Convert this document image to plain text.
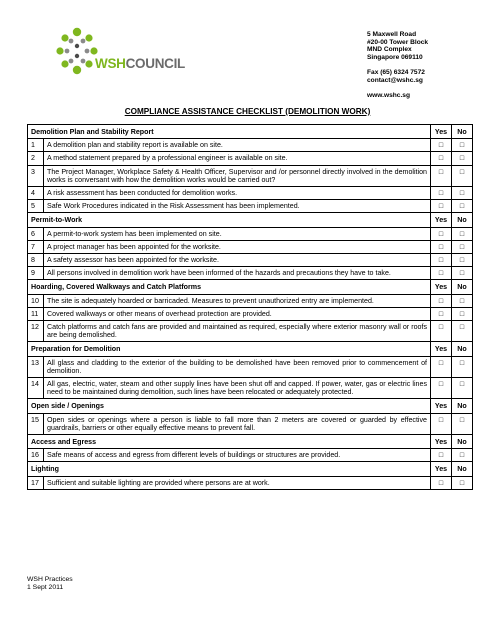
WSHCOUNCIL
5 Maxwell Road
#20-00 Tower Block
MND Complex
Singapore 069110
Fax (65) 6324 7572
contact@wshc.sg
www.wshc.sg
COMPLIANCE ASSISTANCE CHECKLIST (DEMOLITION WORK)
Demolition Plan and Stability Report		Yes	No
1	A demolition plan and stability report is available on site.	□	□
2	A method statement prepared by a professional engineer is available on site.	□	□
3	The Project Manager, Workplace Safety & Health Officer, Supervisor and /or personnel directly involved in the demolition works is conversant with how the demolition works would be carried out?	□	□
4	A risk assessment has been conducted for demolition works.	□	□
5	Safe Work Procedures indicated in the Risk Assessment has been implemented.	□	□
Permit-to-Work		Yes	No
6	A permit-to-work system has been implemented on site.	□	□
7	A project manager has been appointed for the worksite.	□	□
8	A safety assessor has been appointed for the worksite.	□	□
9	All persons involved in demolition work have been informed of the hazards and precautions they have to take.	□	□
Hoarding, Covered Walkways and Catch Platforms		Yes	No
10	The site is adequately hoarded or barricaded. Measures to prevent unauthorized entry are implemented.	□	□
11	Covered walkways or other means of overhead protection are provided.	□	□
12	Catch platforms and catch fans are provided and maintained as required, especially where exterior masonry wall or roofs are being demolished.	□	□
Preparation for Demolition		Yes	No
13	All glass and cladding to the exterior of the building to be demolished have been removed prior to commencement of demolition.	□	□
14	All gas, electric, water, steam and other supply lines have been shut off and capped. If power, water, gas or electric lines need to be maintained during demolition, such lines have been relocated or adequately protected.	□	□
Open side / Openings		Yes	No
15	Open sides or openings where a person is liable to fall more than 2 meters are covered or guarded by effective guardrails, barriers or other equally effective means to prevent fall.	□	□
Access and Egress		Yes	No
16	Safe means of access and egress from different levels of buildings or structures are provided.	□	□
Lighting		Yes	No
17	Sufficient and suitable lighting are provided where persons are at work.	□	□
WSH Practices
1 Sept 2011
